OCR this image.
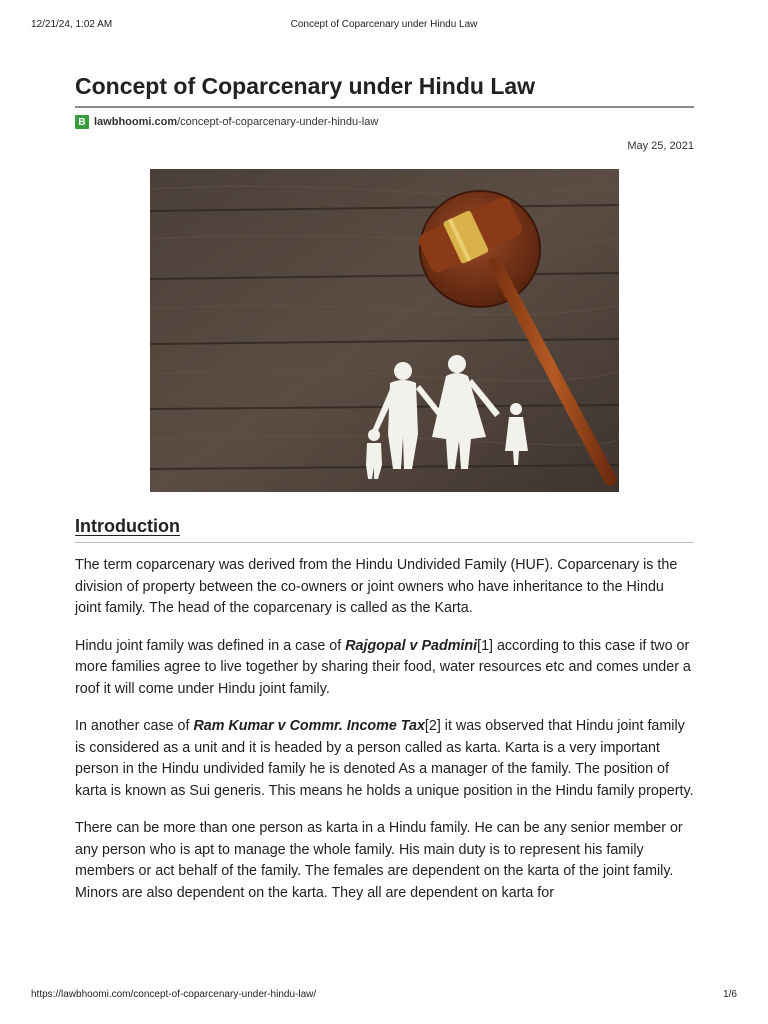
12/21/24, 1:02 AM	Concept of Coparcenary under Hindu Law
Concept of Coparcenary under Hindu Law
B lawbhoomi.com/concept-of-coparcenary-under-hindu-law
May 25, 2021
Introduction

The term coparcenary was derived from the Hindu Undivided Family (HUF). Coparcenary is the division of property between the co-owners or joint owners who have inheritance to the Hindu joint family. The head of the coparcenary is called as the Karta.

Hindu joint family was defined in a case of Rajgopal v Padmini[1] according to this case if two or more families agree to live together by sharing their food, water resources etc and comes under a roof it will come under Hindu joint family.

In another case of Ram Kumar v Commr. Income Tax[2] it was observed that Hindu joint family is considered as a unit and it is headed by a person called as karta. Karta is a very important person in the Hindu undivided family he is denoted As a manager of the family. The position of karta is known as Sui generis. This means he holds a unique position in the Hindu family property.

There can be more than one person as karta in a Hindu family. He can be any senior member or any person who is apt to manage the whole family. His main duty is to represent his family members or act behalf of the family. The females are dependent on the karta of the joint family. Minors are also dependent on the karta. They all are dependent on karta for

https://lawbhoomi.com/concept-of-coparcenary-under-hindu-law/	1/6
